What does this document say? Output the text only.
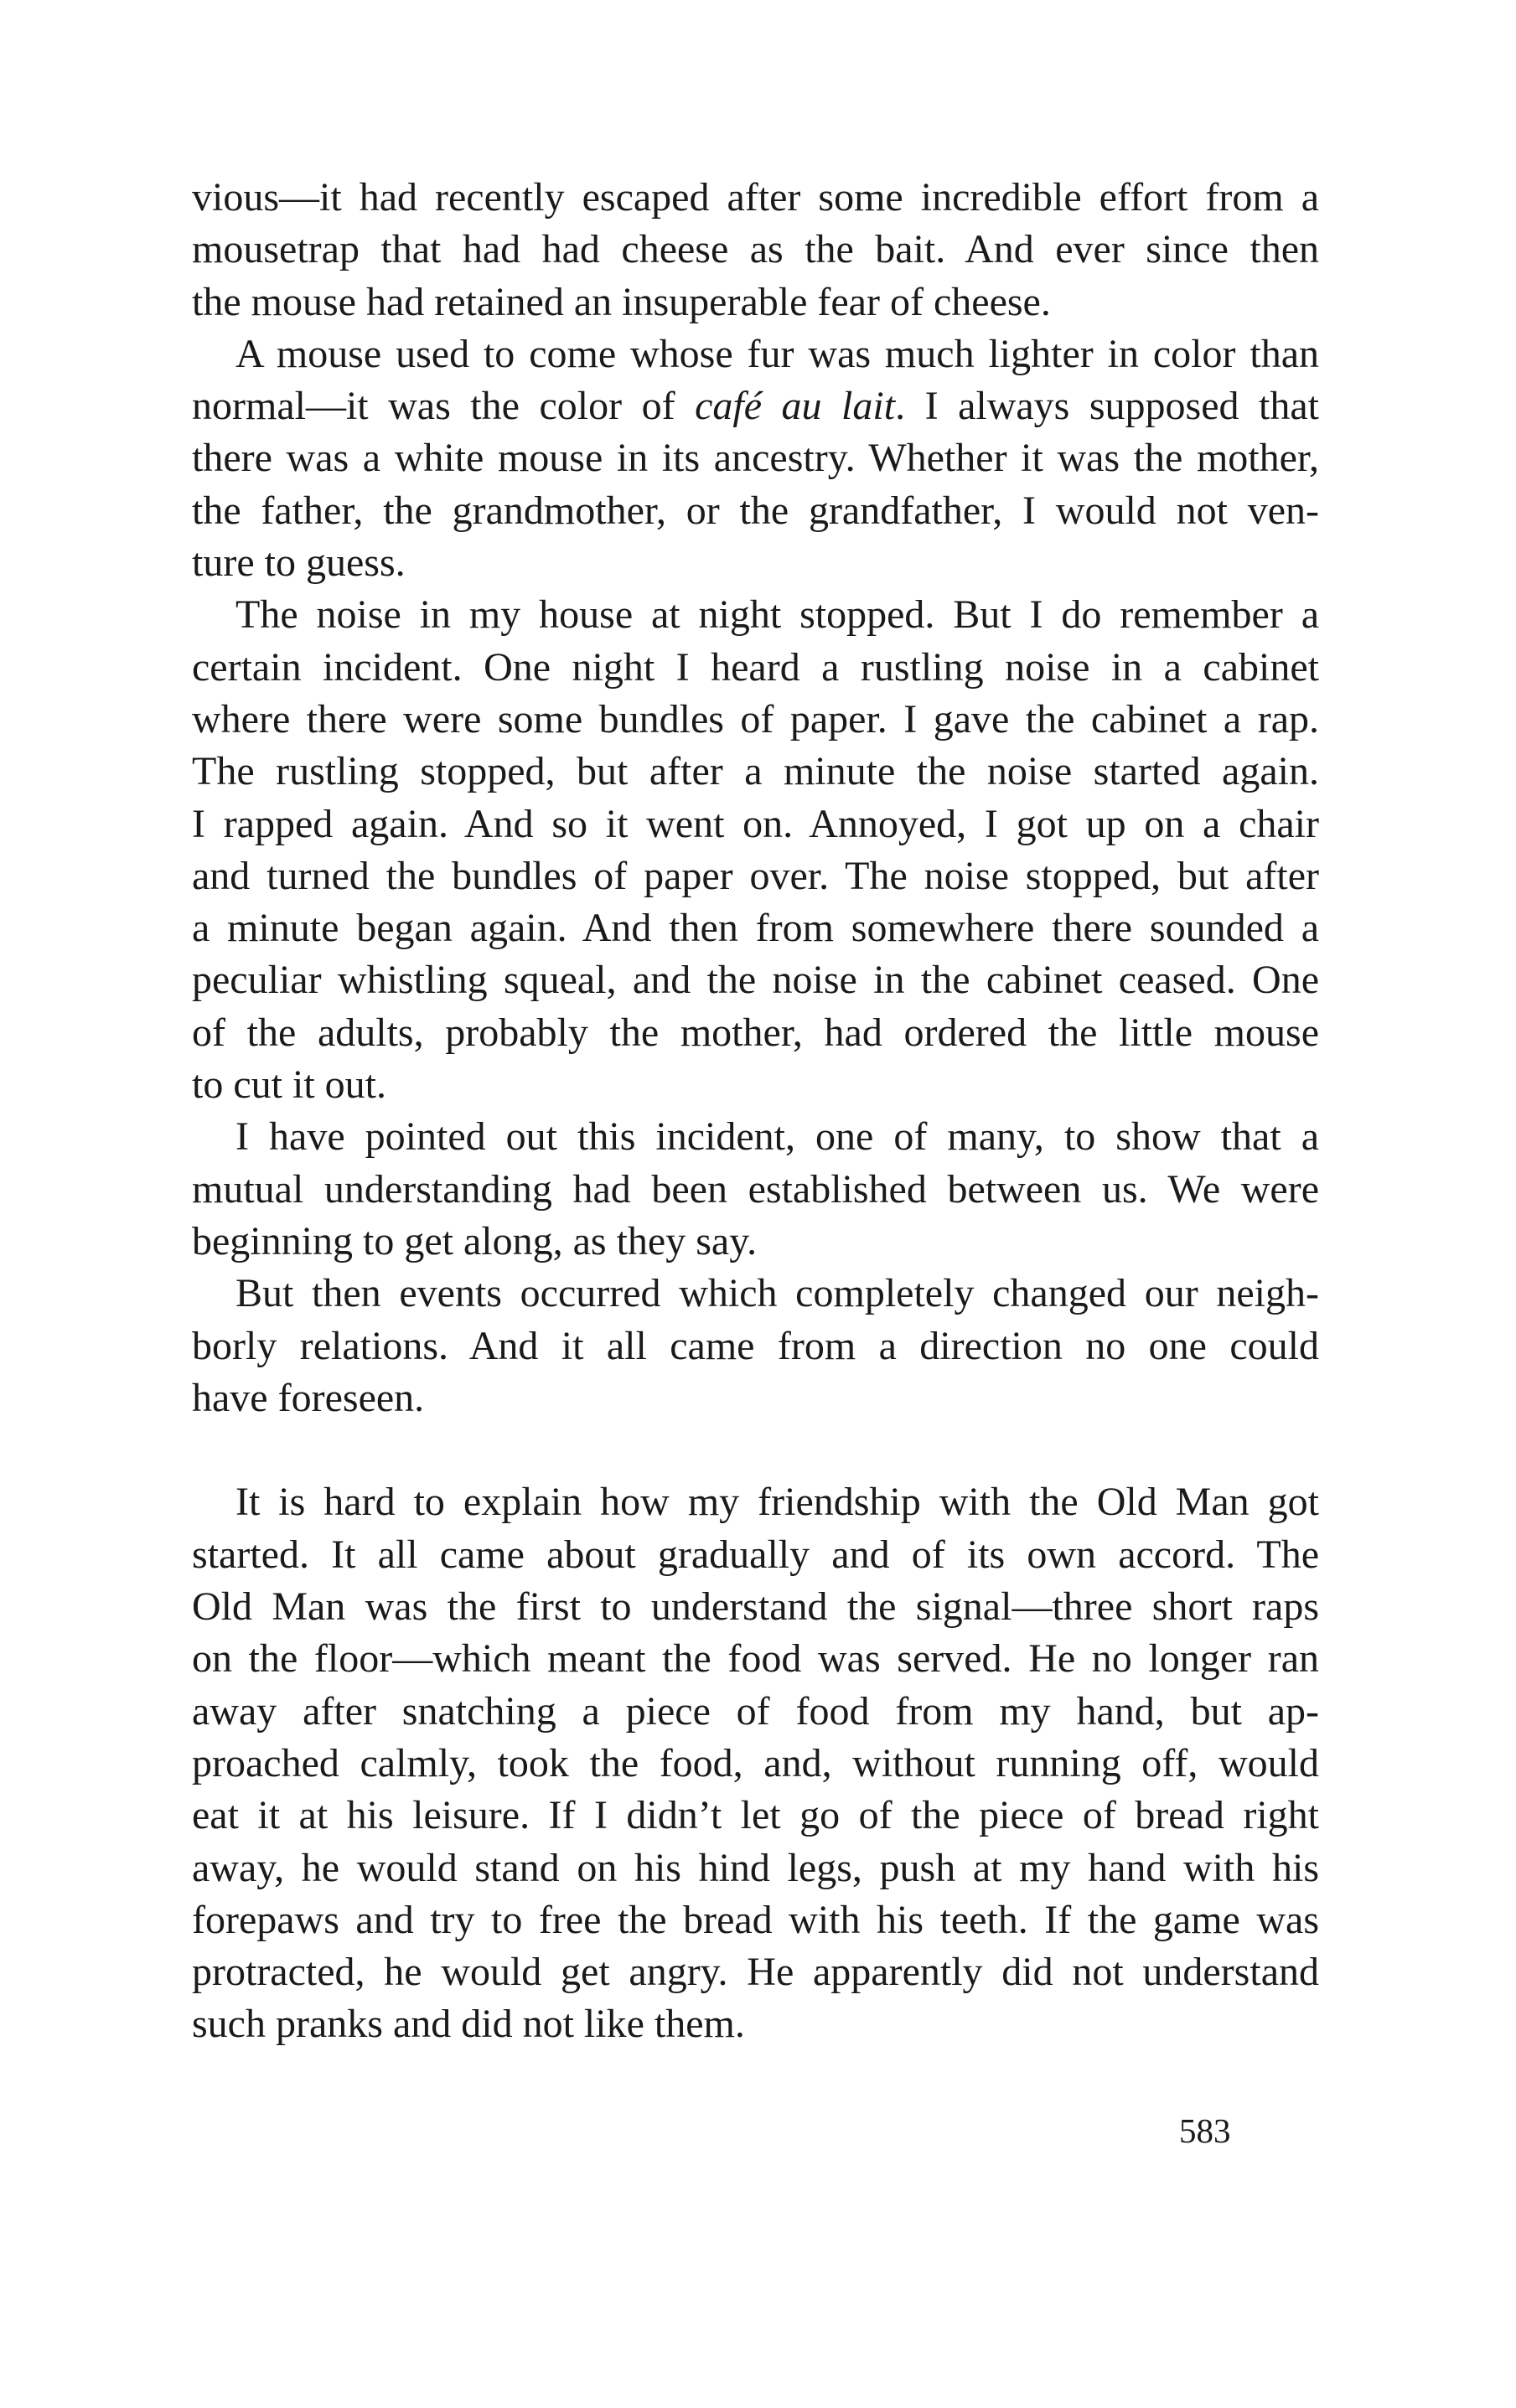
vious—it had recently escaped after some incredible effort from a
mousetrap that had had cheese as the bait. And ever since then
the mouse had retained an insuperable fear of cheese.
A mouse used to come whose fur was much lighter in color than
normal—it was the color of café au lait. I always supposed that
there was a white mouse in its ancestry. Whether it was the mother,
the father, the grandmother, or the grandfather, I would not ven-
ture to guess.
The noise in my house at night stopped. But I do remember a
certain incident. One night I heard a rustling noise in a cabinet
where there were some bundles of paper. I gave the cabinet a rap.
The rustling stopped, but after a minute the noise started again.
I rapped again. And so it went on. Annoyed, I got up on a chair
and turned the bundles of paper over. The noise stopped, but after
a minute began again. And then from somewhere there sounded a
peculiar whistling squeal, and the noise in the cabinet ceased. One
of the adults, probably the mother, had ordered the little mouse
to cut it out.
I have pointed out this incident, one of many, to show that a
mutual understanding had been established between us. We were
beginning to get along, as they say.
But then events occurred which completely changed our neigh-
borly relations. And it all came from a direction no one could
have foreseen.
It is hard to explain how my friendship with the Old Man got
started. It all came about gradually and of its own accord. The
Old Man was the first to understand the signal—three short raps
on the floor—which meant the food was served. He no longer ran
away after snatching a piece of food from my hand, but ap-
proached calmly, took the food, and, without running off, would
eat it at his leisure. If I didn’t let go of the piece of bread right
away, he would stand on his hind legs, push at my hand with his
forepaws and try to free the bread with his teeth. If the game was
protracted, he would get angry. He apparently did not understand
such pranks and did not like them.
583
